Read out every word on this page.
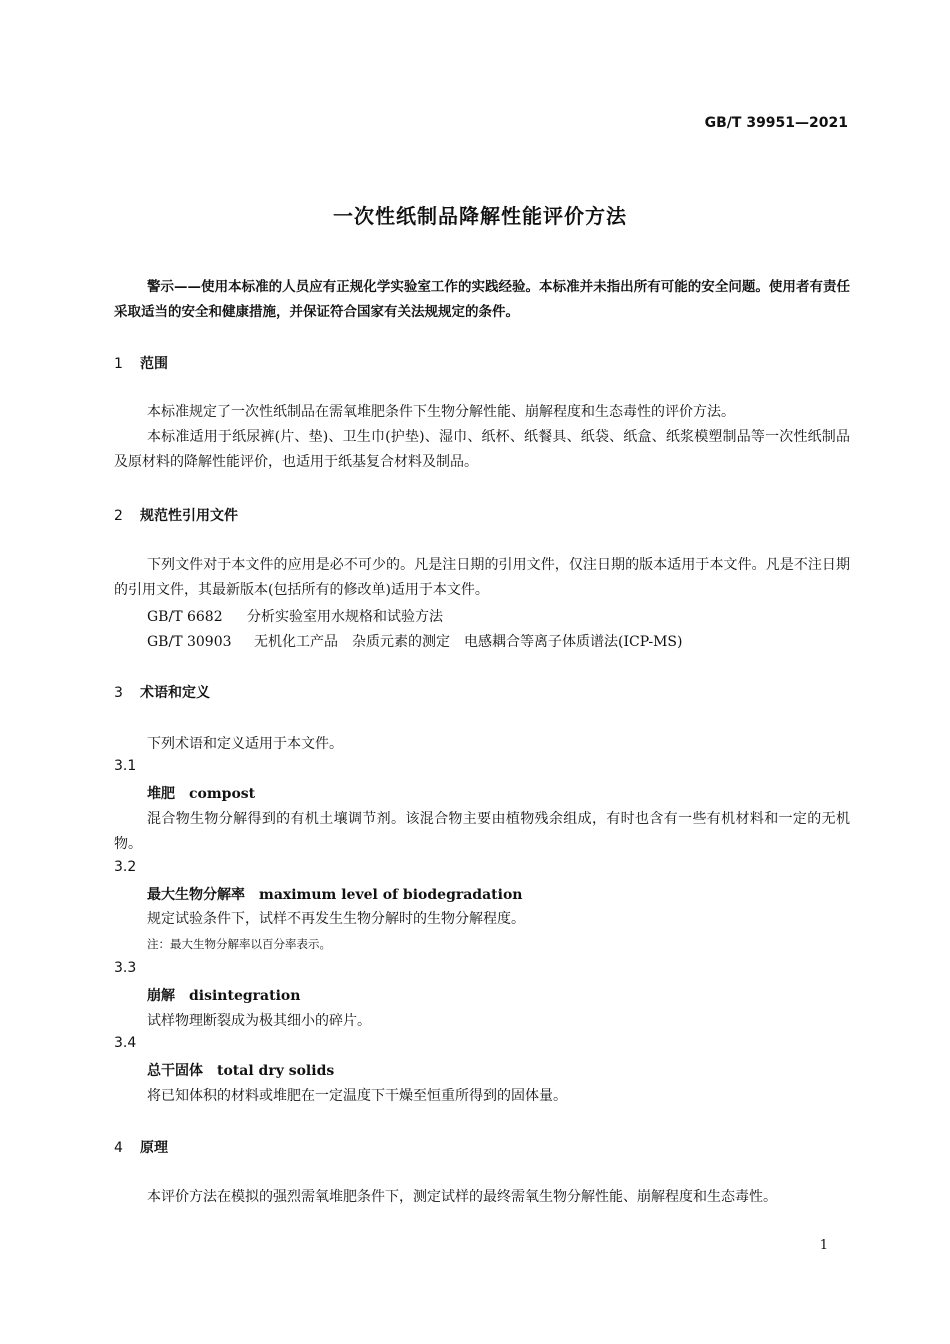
GB/T 39951—2021
一次性纸制品降解性能评价方法
警示——使用本标准的人员应有正规化学实验室工作的实践经验。本标准并未指出所有可能的安全问题。使用者有责任采取适当的安全和健康措施，并保证符合国家有关法规规定的条件。
1 范围
本标准规定了一次性纸制品在需氧堆肥条件下生物分解性能、崩解程度和生态毒性的评价方法。
本标准适用于纸尿裤(片、垫)、卫生巾(护垫)、湿巾、纸杯、纸餐具、纸袋、纸盒、纸浆模塑制品等一次性纸制品及原材料的降解性能评价，也适用于纸基复合材料及制品。
2 规范性引用文件
下列文件对于本文件的应用是必不可少的。凡是注日期的引用文件，仅注日期的版本适用于本文件。凡是不注日期的引用文件，其最新版本(包括所有的修改单)适用于本文件。
GB/T 6682 分析实验室用水规格和试验方法
GB/T 30903 无机化工产品　杂质元素的测定　电感耦合等离子体质谱法(ICP-MS)
3 术语和定义
下列术语和定义适用于本文件。
3.1
堆肥 compost
混合物生物分解得到的有机土壤调节剂。该混合物主要由植物残余组成，有时也含有一些有机材料和一定的无机物。
3.2
最大生物分解率 maximum level of biodegradation
规定试验条件下，试样不再发生生物分解时的生物分解程度。
注：最大生物分解率以百分率表示。
3.3
崩解 disintegration
试样物理断裂成为极其细小的碎片。
3.4
总干固体 total dry solids
将已知体积的材料或堆肥在一定温度下干燥至恒重所得到的固体量。
4 原理
本评价方法在模拟的强烈需氧堆肥条件下，测定试样的最终需氧生物分解性能、崩解程度和生态毒性。
1
